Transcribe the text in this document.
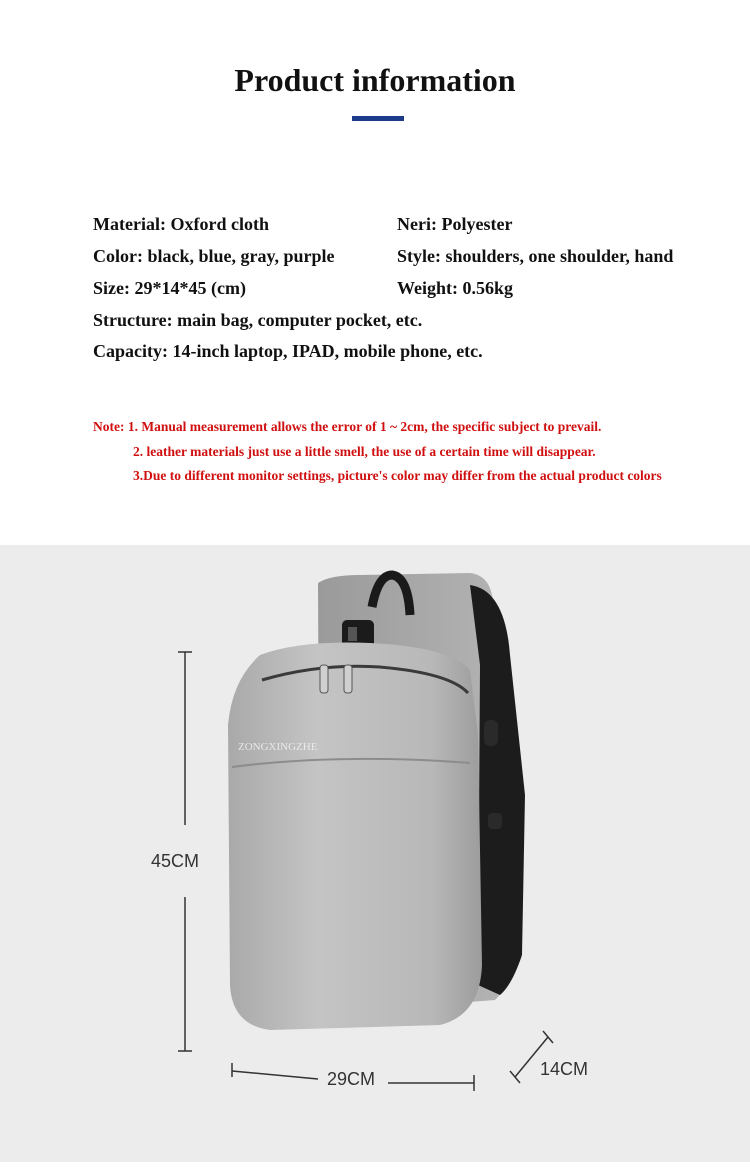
Product information
Material: Oxford cloth	Neri: Polyester
Color: black, blue, gray, purple	Style: shoulders, one shoulder, hand
Size: 29*14*45 (cm)	Weight: 0.56kg
Structure: main bag, computer pocket, etc.
Capacity: 14-inch laptop, IPAD, mobile phone, etc.
Note: 1. Manual measurement allows the error of 1 ~ 2cm, the specific subject to prevail.
2. leather materials just use a little smell, the use of a certain time will disappear.
3.Due to different monitor settings, picture's color may differ from the actual product colors
ZONGXINGZHE
45CM
29CM	14CM
